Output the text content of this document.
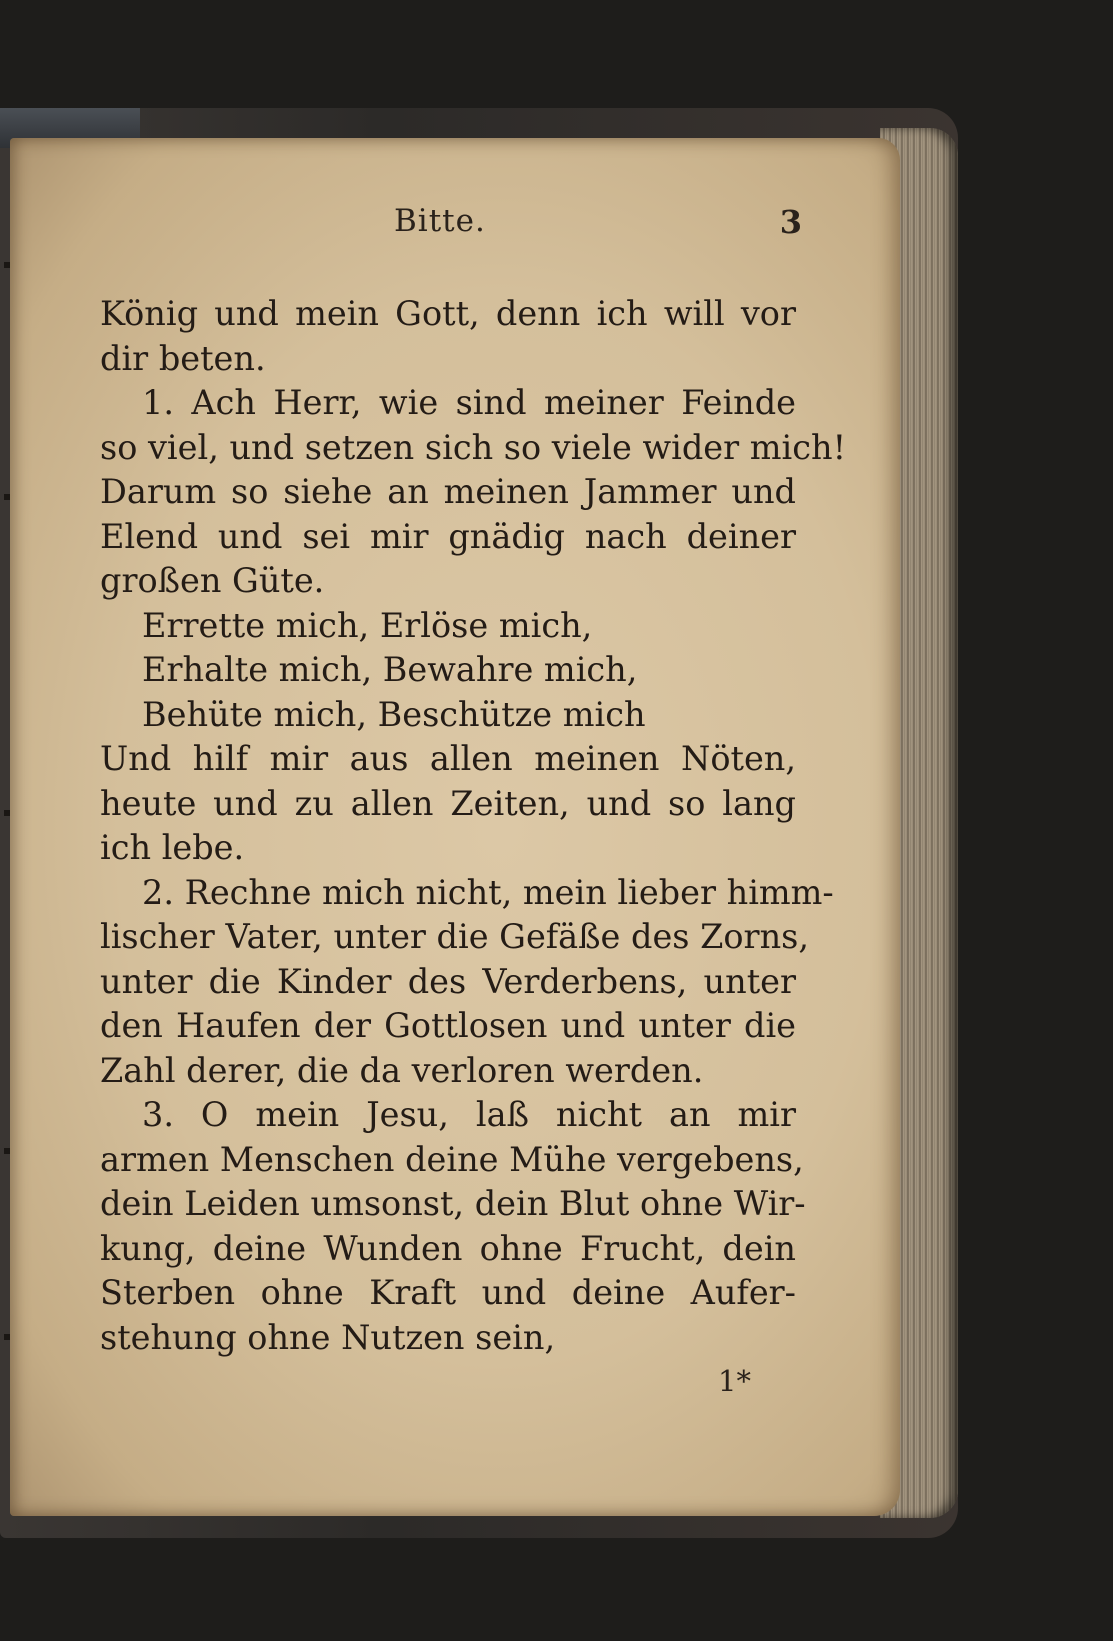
Bitte.	3
König und mein Gott, denn ich will vor
dir beten.
1. Ach Herr, wie sind meiner Feinde
so viel, und setzen sich so viele wider mich!
Darum so siehe an meinen Jammer und
Elend und sei mir gnädig nach deiner
großen Güte.
Errette mich, Erlöse mich,
Erhalte mich, Bewahre mich,
Behüte mich, Beschütze mich
Und hilf mir aus allen meinen Nöten,
heute und zu allen Zeiten, und so lang
ich lebe.
2. Rechne mich nicht, mein lieber himm-
lischer Vater, unter die Gefäße des Zorns,
unter die Kinder des Verderbens, unter
den Haufen der Gottlosen und unter die
Zahl derer, die da verloren werden.
3. O mein Jesu, laß nicht an mir
armen Menschen deine Mühe vergebens,
dein Leiden umsonst, dein Blut ohne Wir-
kung, deine Wunden ohne Frucht, dein
Sterben ohne Kraft und deine Aufer-
stehung ohne Nutzen sein,
1*
